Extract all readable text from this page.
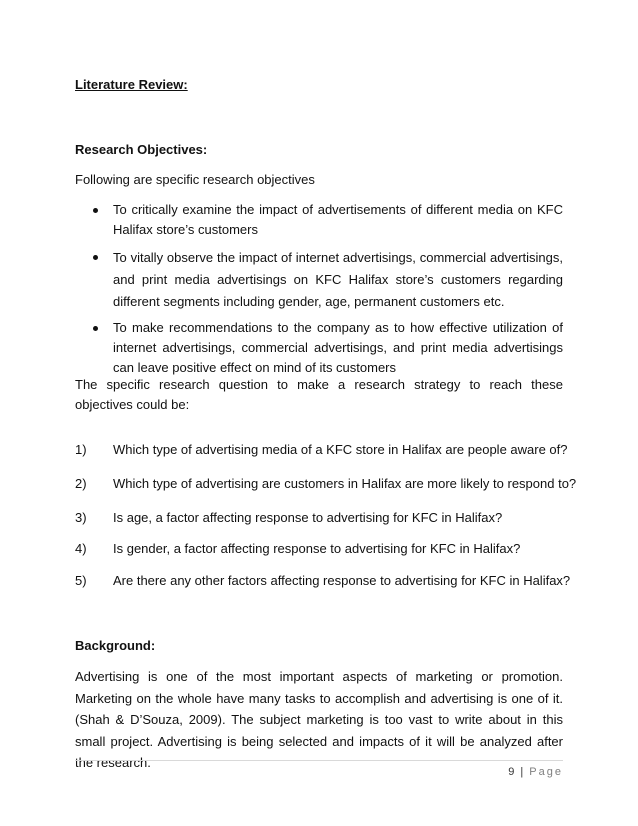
Literature Review:
Research Objectives:
Following are specific research objectives
To critically examine the impact of advertisements of different media on KFC Halifax store’s customers
To vitally observe the impact of internet advertisings, commercial advertisings, and print media advertisings on KFC Halifax store’s customers regarding different segments including gender, age, permanent customers etc.
To make recommendations to the company as to how effective utilization of internet advertisings, commercial advertisings, and print media advertisings can leave positive effect on mind of its customers
The specific research question to make a research strategy to reach these objectives could be:
1) Which type of advertising media of a KFC store in Halifax are people aware of?
2) Which type of advertising are customers in Halifax are more likely to respond to?
3) Is age, a factor affecting response to advertising for KFC in Halifax?
4) Is gender, a factor affecting response to advertising for KFC in Halifax?
5) Are there any other factors affecting response to advertising for KFC in Halifax?
Background:
Advertising is one of the most important aspects of marketing or promotion. Marketing on the whole have many tasks to accomplish and advertising is one of it. (Shah & D’Souza, 2009). The subject marketing is too vast to write about in this small project. Advertising is being selected and impacts of it will be analyzed after the research.
9 | Page
